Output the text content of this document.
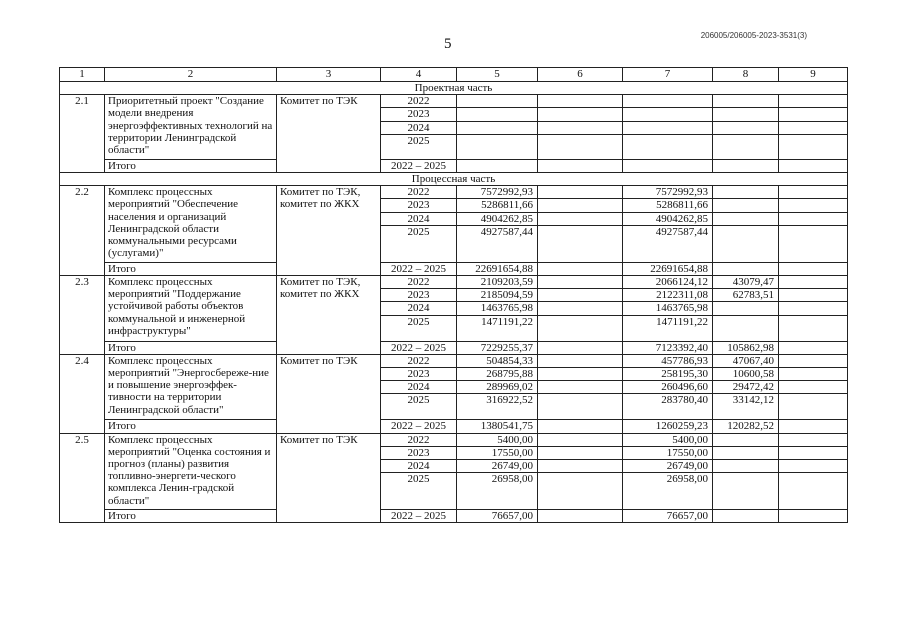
5
206005/206005-2023-3531(3)
1	2	3	4	5	6	7	8	9
Проектная часть								
2.1	Приоритетный проект "Создание модели внедрения энергоэффективных технологий на территории Ленинградской области"	Комитет по ТЭК	2022					
			2023					
			2024					
			2025					
	Итого		2022 – 2025					
Процессная часть								
2.2	Комплекс процессных мероприятий "Обеспечение населения и организаций Ленинградской области коммунальными ресурсами (услугами)"	Комитет по ТЭК, комитет по ЖКХ	2022	7572992,93		7572992,93		
			2023	5286811,66		5286811,66		
			2024	4904262,85		4904262,85		
			2025	4927587,44		4927587,44		
	Итого		2022 – 2025	22691654,88		22691654,88		
2.3	Комплекс процессных мероприятий "Поддержание устойчивой работы объектов коммунальной и инженерной инфраструктуры"	Комитет по ТЭК, комитет по ЖКХ	2022	2109203,59		2066124,12	43079,47	
			2023	2185094,59		2122311,08	62783,51	
			2024	1463765,98		1463765,98		
			2025	1471191,22		1471191,22		
	Итого		2022 – 2025	7229255,37		7123392,40	105862,98	
2.4	Комплекс процессных мероприятий "Энергосбереже-ние и повышение энергоэффек-тивности на территории Ленинградской области"	Комитет по ТЭК	2022	504854,33		457786,93	47067,40	
			2023	268795,88		258195,30	10600,58	
			2024	289969,02		260496,60	29472,42	
			2025	316922,52		283780,40	33142,12	
	Итого		2022 – 2025	1380541,75		1260259,23	120282,52	
2.5	Комплекс процессных мероприятий "Оценка состояния и прогноз (планы) развития топливно-энергети-ческого комплекса Ленин-градской области"	Комитет по ТЭК	2022	5400,00		5400,00		
			2023	17550,00		17550,00		
			2024	26749,00		26749,00		
			2025	26958,00		26958,00		
	Итого		2022 – 2025	76657,00		76657,00		
